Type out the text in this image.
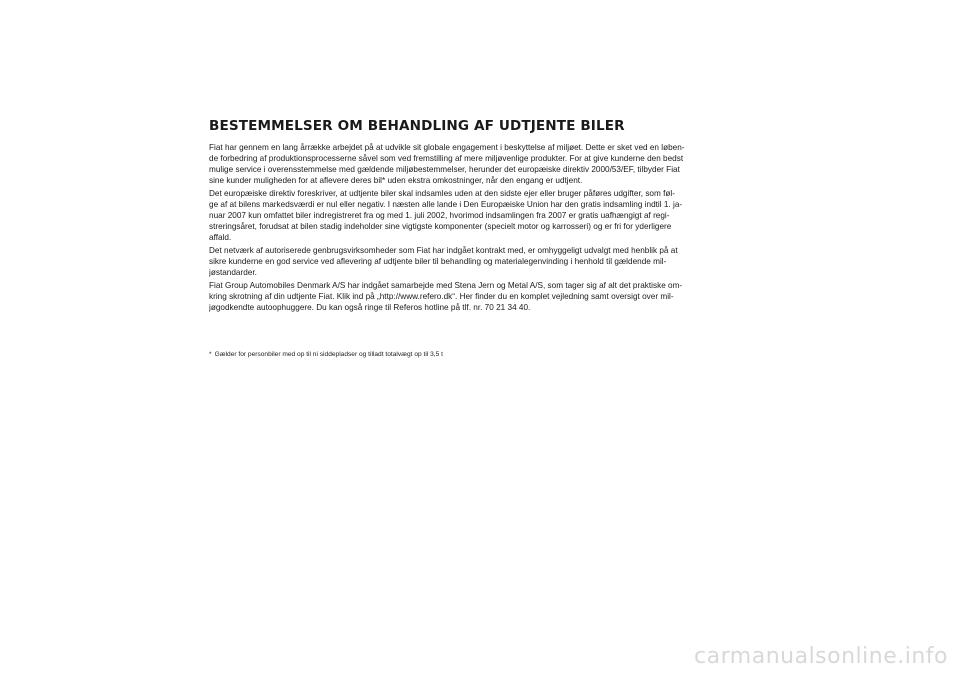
BESTEMMELSER OM BEHANDLING AF UDTJENTE BILER

Fiat har gennem en lang årrække arbejdet på at udvikle sit globale engagement i beskyttelse af miljøet. Dette er sket ved en løben-
de forbedring af produktionsprocesserne såvel som ved fremstilling af mere miljøvenlige produkter. For at give kunderne den bedst
mulige service i overensstemmelse med gældende miljøbestemmelser, herunder det europæiske direktiv 2000/53/EF, tilbyder Fiat
sine kunder muligheden for at aflevere deres bil* uden ekstra omkostninger, når den engang er udtjent.

Det europæiske direktiv foreskriver, at udtjente biler skal indsamles uden at den sidste ejer eller bruger påføres udgifter, som føl-
ge af at bilens markedsværdi er nul eller negativ. I næsten alle lande i Den Europæiske Union har den gratis indsamling indtil 1. ja-
nuar 2007 kun omfattet biler indregistreret fra og med 1. juli 2002, hvorimod indsamlingen fra 2007 er gratis uafhængigt af regi-
streringsåret, forudsat at bilen stadig indeholder sine vigtigste komponenter (specielt motor og karrosseri) og er fri for yderligere
affald.

Det netværk af autoriserede genbrugsvirksomheder som Fiat har indgået kontrakt med, er omhyggeligt udvalgt med henblik på at
sikre kunderne en god service ved aflevering af udtjente biler til behandling og materialegenvinding i henhold til gældende mil-
jøstandarder.

Fiat Group Automobiles Denmark A/S har indgået samarbejde med Stena Jern og Metal A/S, som tager sig af alt det praktiske om-
kring skrotning af din udtjente Fiat. Klik ind på „http://www.refero.dk“. Her finder du en komplet vejledning samt oversigt over mil-
jøgodkendte autoophuggere. Du kan også ringe til Referos hotline på tlf. nr. 70 21 34 40.

* Gælder for personbiler med op til ni siddepladser og tilladt totalvægt op til 3,5 t
carmanualsonline.info
